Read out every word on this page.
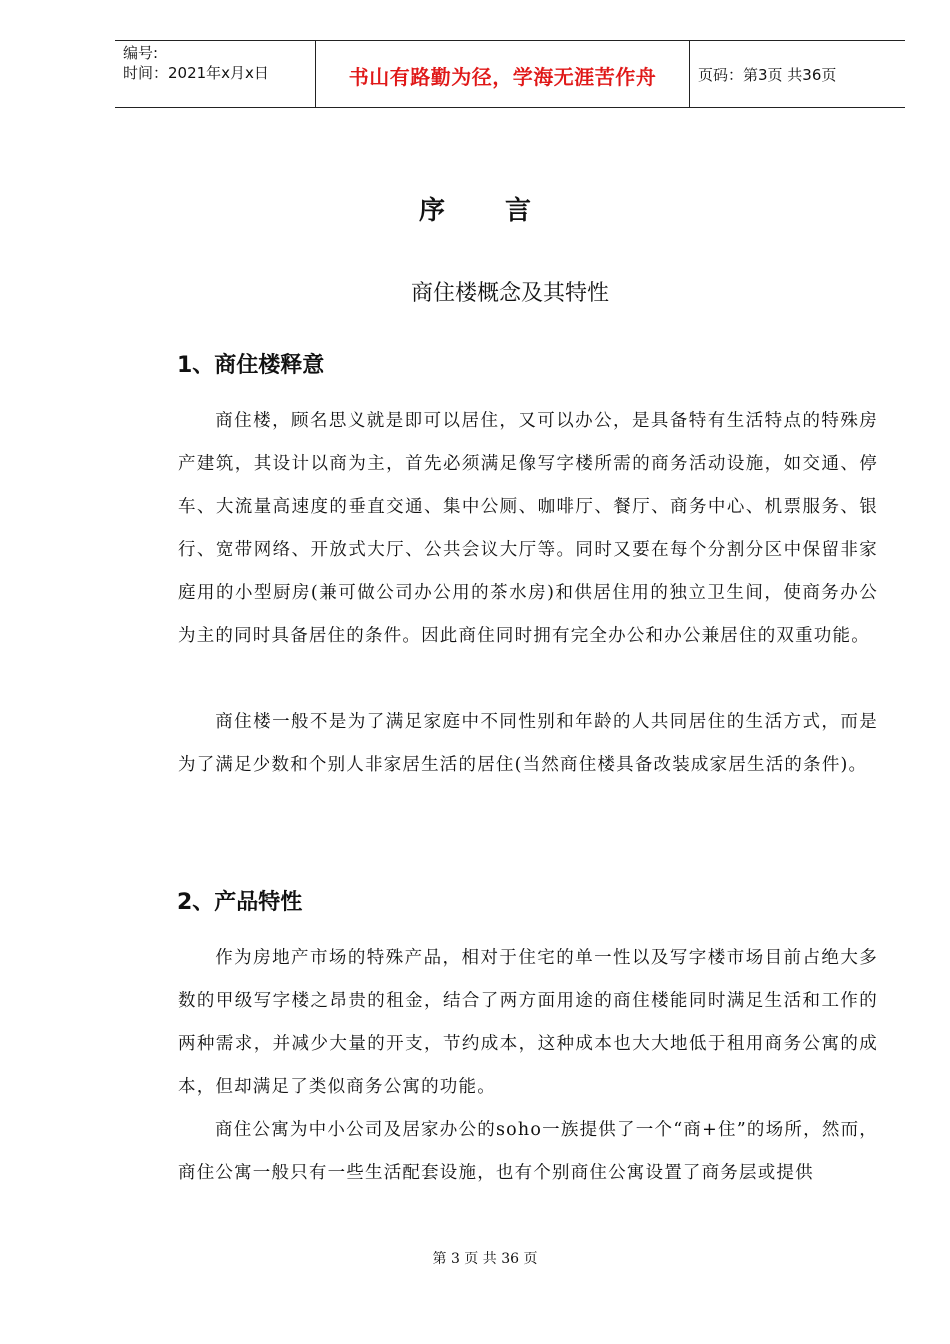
编号:
时间：2021年x月x日	书山有路勤为径，学海无涯苦作舟	页码：第3页 共36页
序言
商住楼概念及其特性
1、商住楼释意
商住楼，顾名思义就是即可以居住，又可以办公，是具备特有生活特点的特殊房产建筑，其设计以商为主，首先必须满足像写字楼所需的商务活动设施，如交通、停车、大流量高速度的垂直交通、集中公厕、咖啡厅、餐厅、商务中心、机票服务、银行、宽带网络、开放式大厅、公共会议大厅等。同时又要在每个分割分区中保留非家庭用的小型厨房(兼可做公司办公用的茶水房)和供居住用的独立卫生间，使商务办公为主的同时具备居住的条件。因此商住同时拥有完全办公和办公兼居住的双重功能。
商住楼一般不是为了满足家庭中不同性别和年龄的人共同居住的生活方式，而是为了满足少数和个别人非家居生活的居住(当然商住楼具备改装成家居生活的条件)。
2、产品特性
作为房地产市场的特殊产品，相对于住宅的单一性以及写字楼市场目前占绝大多数的甲级写字楼之昂贵的租金，结合了两方面用途的商住楼能同时满足生活和工作的两种需求，并减少大量的开支，节约成本，这种成本也大大地低于租用商务公寓的成本，但却满足了类似商务公寓的功能。
商住公寓为中小公司及居家办公的soho一族提供了一个“商+住”的场所，然而，商住公寓一般只有一些生活配套设施，也有个别商住公寓设置了商务层或提供
第 3 页 共 36 页
